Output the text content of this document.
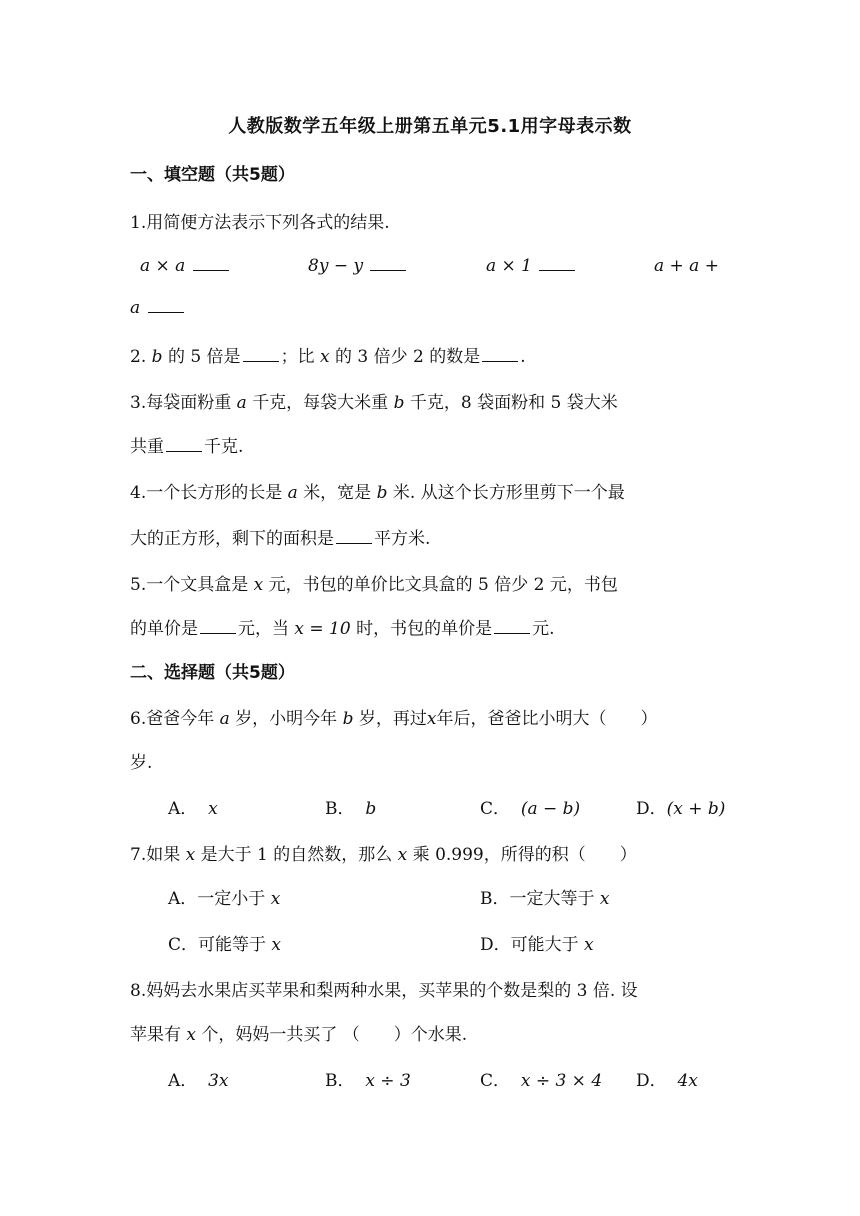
人教版数学五年级上册第五单元5.1用字母表示数
一、填空题（共5题）
1.用简便方法表示下列各式的结果.
a × a	8y − y	a × 1	a + a +
a
2. b 的 5 倍是 ；比 x 的 3 倍少 2 的数是 .
3.每袋面粉重 a 千克，每袋大米重 b 千克，8 袋面粉和 5 袋大米
共重 千克.
4.一个长方形的长是 a 米，宽是 b 米. 从这个长方形里剪下一个最
大的正方形，剩下的面积是 平方米.
5.一个文具盒是 x 元，书包的单价比文具盒的 5 倍少 2 元，书包
的单价是 元，当 x = 10 时，书包的单价是 元.
二、选择题（共5题）
6.爸爸今年 a 岁，小明今年 b 岁，再过x年后，爸爸比小明大（　　）
岁.
A． x	B． b	C． (a − b)	D．(x + b)
7.如果 x 是大于 1 的自然数，那么 x 乘 0.999，所得的积（　　）
A．一定小于 x	B．一定大等于 x
C．可能等于 x	D．可能大于 x
8.妈妈去水果店买苹果和梨两种水果，买苹果的个数是梨的 3 倍. 设
苹果有 x 个，妈妈一共买了 （　　）个水果.
A． 3x	B． x ÷ 3	C． x ÷ 3 × 4 D． 4x
